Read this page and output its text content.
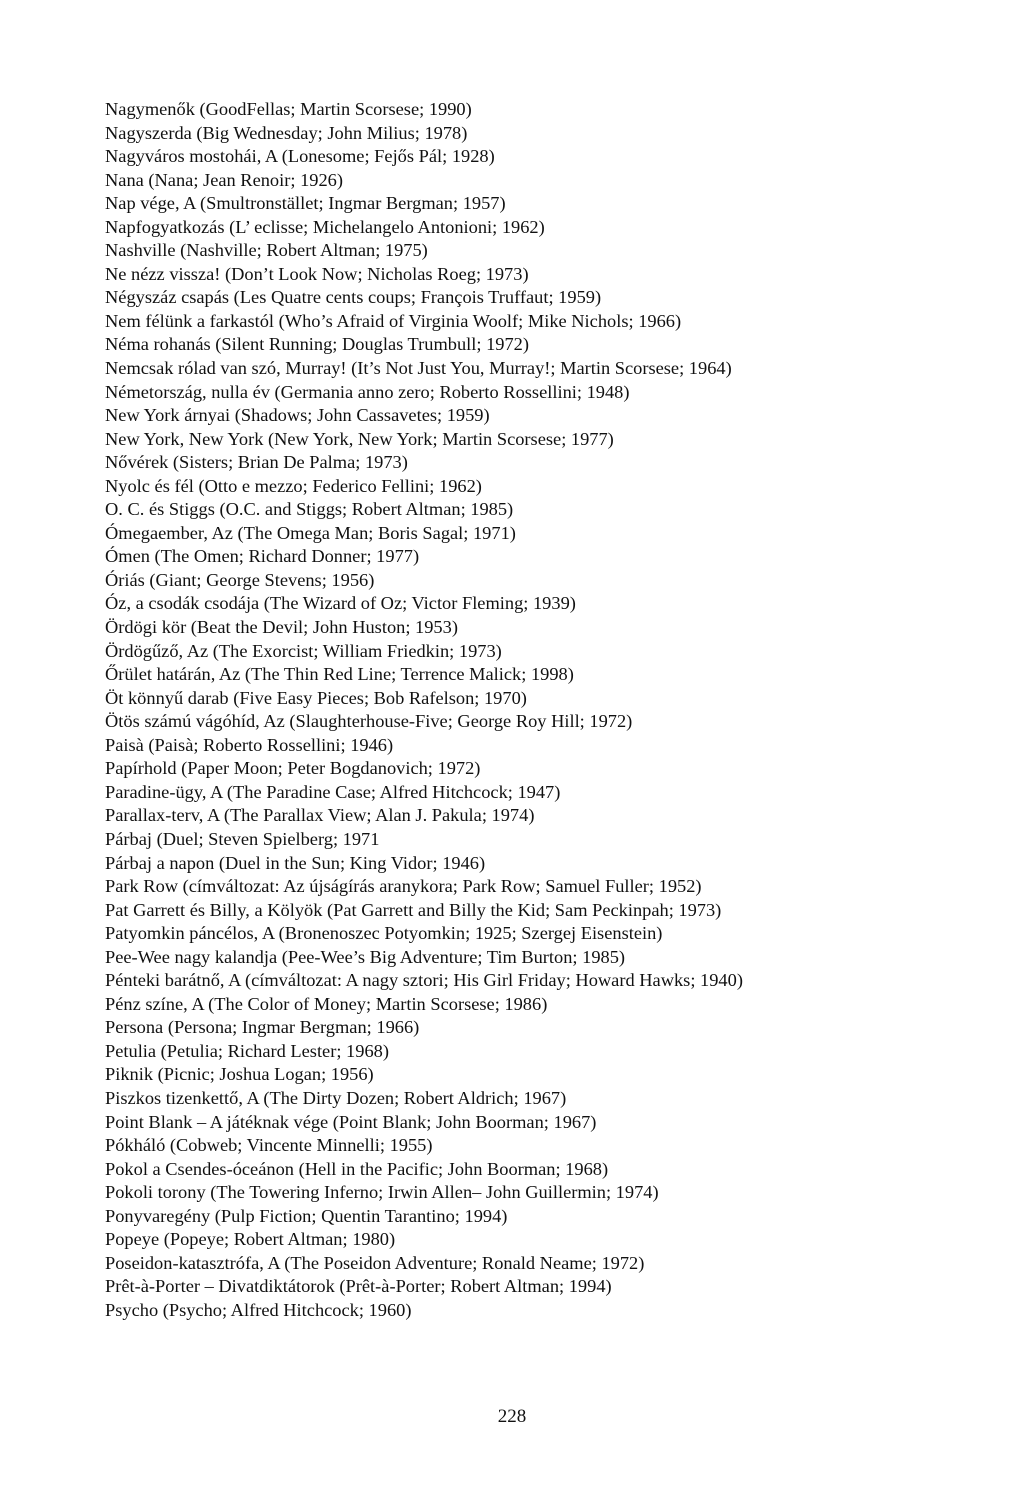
Nagymenők (GoodFellas; Martin Scorsese; 1990)
Nagyszerda (Big Wednesday; John Milius; 1978)
Nagyváros mostohái, A (Lonesome; Fejős Pál; 1928)
Nana (Nana; Jean Renoir; 1926)
Nap vége, A (Smultronstället; Ingmar Bergman; 1957)
Napfogyatkozás (L’ eclisse; Michelangelo Antonioni; 1962)
Nashville (Nashville; Robert Altman; 1975)
Ne nézz vissza! (Don’t Look Now; Nicholas Roeg; 1973)
Négyszáz csapás (Les Quatre cents coups; François Truffaut; 1959)
Nem félünk a farkastól (Who’s Afraid of Virginia Woolf; Mike Nichols; 1966)
Néma rohanás (Silent Running; Douglas Trumbull; 1972)
Nemcsak rólad van szó, Murray! (It’s Not Just You, Murray!; Martin Scorsese; 1964)
Németország, nulla év (Germania anno zero; Roberto Rossellini; 1948)
New York árnyai (Shadows; John Cassavetes; 1959)
New York, New York (New York, New York; Martin Scorsese; 1977)
Nővérek (Sisters; Brian De Palma; 1973)
Nyolc és fél (Otto e mezzo; Federico Fellini; 1962)
O. C. és Stiggs (O.C. and Stiggs; Robert Altman; 1985)
Ómegaember, Az (The Omega Man; Boris Sagal; 1971)
Ómen (The Omen; Richard Donner; 1977)
Óriás (Giant; George Stevens; 1956)
Óz, a csodák csodája (The Wizard of Oz; Victor Fleming; 1939)
Ördögi kör (Beat the Devil; John Huston; 1953)
Ördögűző, Az (The Exorcist; William Friedkin; 1973)
Őrület határán, Az (The Thin Red Line; Terrence Malick; 1998)
Öt könnyű darab (Five Easy Pieces; Bob Rafelson; 1970)
Ötös számú vágóhíd, Az (Slaughterhouse-Five; George Roy Hill; 1972)
Paisà (Paisà; Roberto Rossellini; 1946)
Papírhold (Paper Moon; Peter Bogdanovich; 1972)
Paradine-ügy, A (The Paradine Case; Alfred Hitchcock; 1947)
Parallax-terv, A (The Parallax View; Alan J. Pakula; 1974)
Párbaj (Duel; Steven Spielberg; 1971
Párbaj a napon (Duel in the Sun; King Vidor; 1946)
Park Row (címváltozat: Az újságírás aranykora; Park Row; Samuel Fuller; 1952)
Pat Garrett és Billy, a Kölyök (Pat Garrett and Billy the Kid; Sam Peckinpah; 1973)
Patyomkin páncélos, A (Bronenoszec Potyomkin; 1925; Szergej Eisenstein)
Pee-Wee nagy kalandja (Pee-Wee’s Big Adventure; Tim Burton; 1985)
Pénteki barátnő, A (címváltozat: A nagy sztori; His Girl Friday; Howard Hawks; 1940)
Pénz színe, A (The Color of Money; Martin Scorsese; 1986)
Persona (Persona; Ingmar Bergman; 1966)
Petulia (Petulia; Richard Lester; 1968)
Piknik (Picnic; Joshua Logan; 1956)
Piszkos tizenkettő, A (The Dirty Dozen; Robert Aldrich; 1967)
Point Blank – A játéknak vége (Point Blank; John Boorman; 1967)
Pókháló (Cobweb; Vincente Minnelli; 1955)
Pokol a Csendes-óceánon (Hell in the Pacific; John Boorman; 1968)
Pokoli torony (The Towering Inferno; Irwin Allen– John Guillermin; 1974)
Ponyvaregény (Pulp Fiction; Quentin Tarantino; 1994)
Popeye (Popeye; Robert Altman; 1980)
Poseidon-katasztrófa, A (The Poseidon Adventure; Ronald Neame; 1972)
Prêt-à-Porter – Divatdiktátorok (Prêt-à-Porter; Robert Altman; 1994)
Psycho (Psycho; Alfred Hitchcock; 1960)
228
